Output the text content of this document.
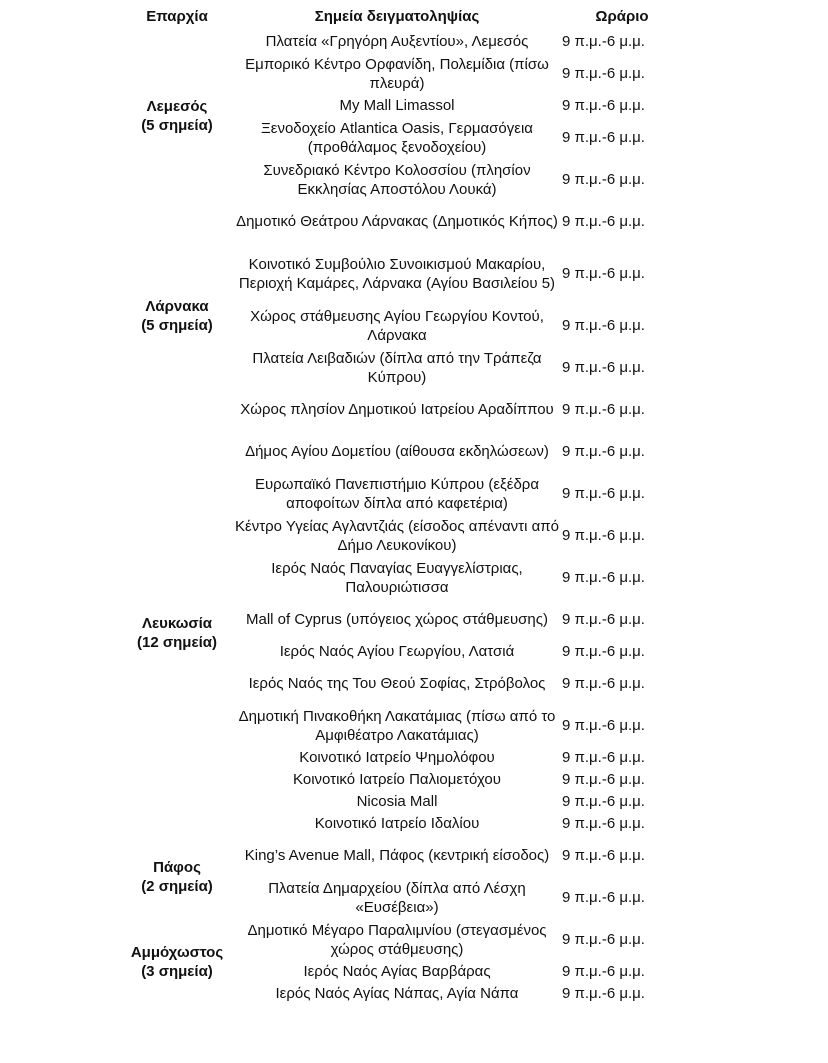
Επαρχία	Σημεία δειγματοληψίας	Ωράριο

Λεμεσός
(5 σημεία)	Πλατεία «Γρηγόρη Αυξεντίου», Λεμεσός	9 π.μ.-6 μ.μ.
	Εμπορικό Κέντρο Ορφανίδη, Πολεμίδια (πίσω πλευρά)	9 π.μ.-6 μ.μ.
	My Mall Limassol	9 π.μ.-6 μ.μ.
	Ξενοδοχείο Atlantica Oasis, Γερμασόγεια (προθάλαμος ξενοδοχείου)	9 π.μ.-6 μ.μ.
	Συνεδριακό Κέντρο Κολοσσίου (πλησίον Εκκλησίας Αποστόλου Λουκά)	9 π.μ.-6 μ.μ.

Λάρνακα
(5 σημεία)	Δημοτικό Θεάτρου Λάρνακας (Δημοτικός Κήπος)	9 π.μ.-6 μ.μ.
	Κοινοτικό Συμβούλιο Συνοικισμού Μακαρίου, Περιοχή Καμάρες, Λάρνακα (Αγίου Βασιλείου 5)	9 π.μ.-6 μ.μ.
	Χώρος στάθμευσης Αγίου Γεωργίου Κοντού, Λάρνακα	9 π.μ.-6 μ.μ.
	Πλατεία Λειβαδιών (δίπλα από την Τράπεζα Κύπρου)	9 π.μ.-6 μ.μ.
	Χώρος πλησίον Δημοτικού Ιατρείου Αραδίππου	9 π.μ.-6 μ.μ.

Λευκωσία
(12 σημεία)	Δήμος Αγίου Δομετίου (αίθουσα εκδηλώσεων)	9 π.μ.-6 μ.μ.
	Ευρωπαϊκό Πανεπιστήμιο Κύπρου (εξέδρα αποφοίτων δίπλα από καφετέρια)	9 π.μ.-6 μ.μ.
	Κέντρο Υγείας Αγλαντζιάς (είσοδος απέναντι από Δήμο Λευκονίκου)	9 π.μ.-6 μ.μ.
	Ιερός Ναός Παναγίας Ευαγγελίστριας, Παλουριώτισσα	9 π.μ.-6 μ.μ.
	Mall of Cyprus (υπόγειος χώρος στάθμευσης)	9 π.μ.-6 μ.μ.
	Ιερός Ναός Αγίου Γεωργίου, Λατσιά	9 π.μ.-6 μ.μ.
	Ιερός Ναός της Του Θεού Σοφίας, Στρόβολος	9 π.μ.-6 μ.μ.
	Δημοτική Πινακοθήκη Λακατάμιας (πίσω από το Αμφιθέατρο Λακατάμιας)	9 π.μ.-6 μ.μ.
	Κοινοτικό Ιατρείο Ψημολόφου	9 π.μ.-6 μ.μ.
	Κοινοτικό Ιατρείο Παλιομετόχου	9 π.μ.-6 μ.μ.
	Nicosia Mall	9 π.μ.-6 μ.μ.
	Κοινοτικό Ιατρείο Ιδαλίου	9 π.μ.-6 μ.μ.

Πάφος
(2 σημεία)	King’s Avenue Mall, Πάφος (κεντρική είσοδος)	9 π.μ.-6 μ.μ.
	Πλατεία Δημαρχείου (δίπλα από Λέσχη «Ευσέβεια»)	9 π.μ.-6 μ.μ.

Αμμόχωστος
(3 σημεία)	Δημοτικό Μέγαρο Παραλιμνίου (στεγασμένος χώρος στάθμευσης)	9 π.μ.-6 μ.μ.
	Ιερός Ναός Αγίας Βαρβάρας	9 π.μ.-6 μ.μ.
	Ιερός Ναός Αγίας Νάπας, Αγία Νάπα	9 π.μ.-6 μ.μ.
